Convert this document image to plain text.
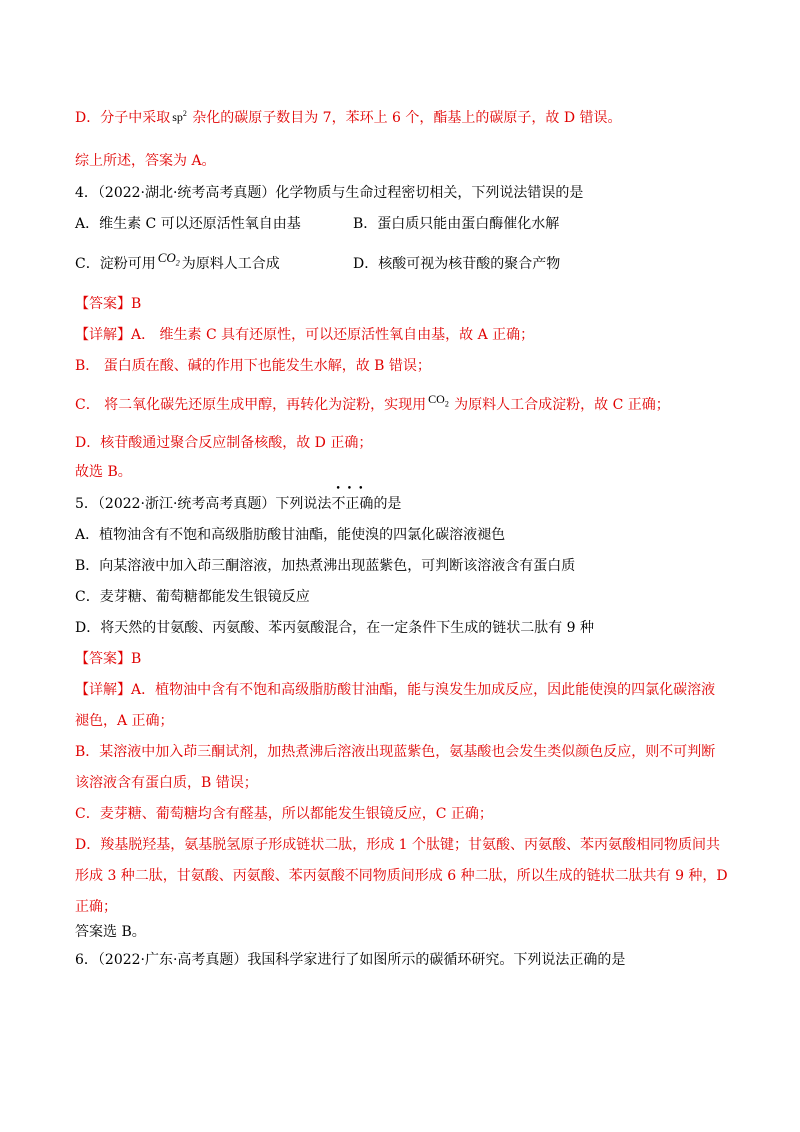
D．分子中采取 $sp^2$ 杂化的碳原子数目为 7，苯环上 6 个，酯基上的碳原子，故 D 错误。
综上所述，答案为 A。
4．（2022·湖北·统考高考真题）化学物质与生命过程密切相关，下列说法错误的是
A．维生素 C 可以还原活性氧自由基	B．蛋白质只能由蛋白酶催化水解
C．淀粉可用 $CO_2$ 为原料人工合成	D．核酸可视为核苷酸的聚合产物
【答案】B
【详解】A． 维生素 C 具有还原性，可以还原活性氧自由基，故 A 正确；
B． 蛋白质在酸、碱的作用下也能发生水解，故 B 错误；
C． 将二氧化碳先还原生成甲醇，再转化为淀粉，实现用 $CO_2$ 为原料人工合成淀粉，故 C 正确；
D．核苷酸通过聚合反应制备核酸，故 D 正确；
故选 B。
5．（2022·浙江·统考高考真题）下列说法
•••
不正确的是
A．植物油含有不饱和高级脂肪酸甘油酯，能使溴的四氯化碳溶液褪色
B．向某溶液中加入茚三酮溶液，加热煮沸出现蓝紫色，可判断该溶液含有蛋白质
C．麦芽糖、葡萄糖都能发生银镜反应
D．将天然的甘氨酸、丙氨酸、苯丙氨酸混合，在一定条件下生成的链状二肽有 9 种
【答案】B
【详解】A．植物油中含有不饱和高级脂肪酸甘油酯，能与溴发生加成反应，因此能使溴的四氯化碳溶液
褪色，A 正确；
B．某溶液中加入茚三酮试剂，加热煮沸后溶液出现蓝紫色，氨基酸也会发生类似颜色反应，则不可判断
该溶液含有蛋白质，B 错误；
C．麦芽糖、葡萄糖均含有醛基，所以都能发生银镜反应，C 正确；
D．羧基脱羟基，氨基脱氢原子形成链状二肽，形成 1 个肽键；甘氨酸、丙氨酸、苯丙氨酸相同物质间共
形成 3 种二肽，甘氨酸、丙氨酸、苯丙氨酸不同物质间形成 6 种二肽，所以生成的链状二肽共有 9 种，D
正确；
答案选 B。
6．（2022·广东·高考真题）我国科学家进行了如图所示的碳循环研究。下列说法正确的是
